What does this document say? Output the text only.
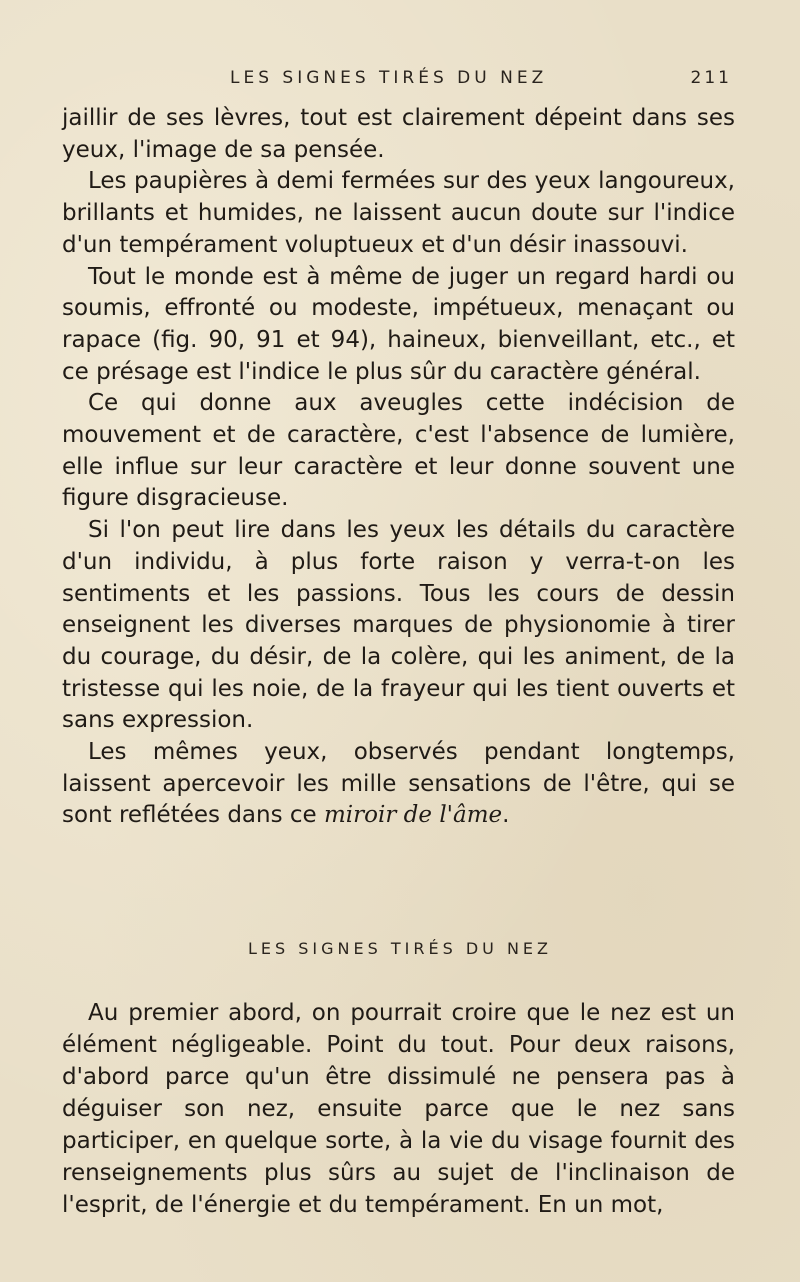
LES SIGNES TIRÉS DU NEZ	211

jaillir de ses lèvres, tout est clairement dépeint dans ses yeux, l'image de sa pensée.

Les paupières à demi fermées sur des yeux langoureux, brillants et humides, ne laissent aucun doute sur l'indice d'un tempérament voluptueux et d'un désir inassouvi.

Tout le monde est à même de juger un regard hardi ou soumis, effronté ou modeste, impétueux, menaçant ou rapace (fig. 90, 91 et 94), haineux, bienveillant, etc., et ce présage est l'indice le plus sûr du caractère général.

Ce qui donne aux aveugles cette indécision de mouvement et de caractère, c'est l'absence de lumière, elle influe sur leur caractère et leur donne souvent une figure disgracieuse.

Si l'on peut lire dans les yeux les détails du caractère d'un individu, à plus forte raison y verra-t-on les sentiments et les passions. Tous les cours de dessin enseignent les diverses marques de physionomie à tirer du courage, du désir, de la colère, qui les animent, de la tristesse qui les noie, de la frayeur qui les tient ouverts et sans expression.

Les mêmes yeux, observés pendant longtemps, laissent apercevoir les mille sensations de l'être, qui se sont reflétées dans ce miroir de l'âme.

LES SIGNES TIRÉS DU NEZ

Au premier abord, on pourrait croire que le nez est un élément négligeable. Point du tout. Pour deux raisons, d'abord parce qu'un être dissimulé ne pensera pas à déguiser son nez, ensuite parce que le nez sans participer, en quelque sorte, à la vie du visage fournit des renseignements plus sûrs au sujet de l'inclinaison de l'esprit, de l'énergie et du tempérament. En un mot,
